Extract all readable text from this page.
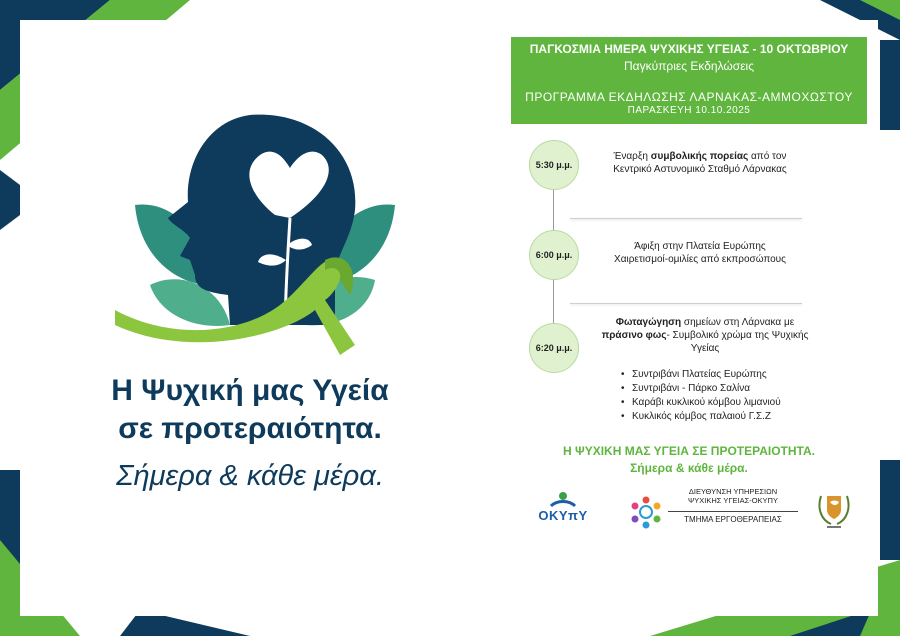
Η Ψυχική μας Υγεία
σε προτεραιότητα.
Σήμερα & κάθε μέρα.
ΠΑΓΚΟΣΜΙΑ ΗΜΕΡΑ ΨΥΧΙΚΗΣ ΥΓΕΙΑΣ - 10 ΟΚΤΩΒΡΙΟΥ
Παγκύπριες Εκδηλώσεις
ΠΡΟΓΡΑΜΜΑ ΕΚΔΗΛΩΣΗΣ ΛΑΡΝΑΚΑΣ-ΑΜΜΟΧΩΣΤΟΥ
ΠΑΡΑΣΚΕΥΗ 10.10.2025
5:30 μ.μ.
Έναρξη συμβολικής πορείας από τον
Κεντρικό Αστυνομικό Σταθμό Λάρνακας
6:00 μ.μ.
Άφιξη στην Πλατεία Ευρώπης
Χαιρετισμοί-ομιλίες από εκπροσώπους
6:20 μ.μ.
Φωταγώγηση σημείων στη Λάρνακα με
πράσινο φως- Συμβολικό χρώμα της Ψυχικής
Υγείας
• Συντριβάνι Πλατείας Ευρώπης
• Συντριβάνι - Πάρκο Σαλίνα
• Καράβι κυκλικού κόμβου λιμανιού
• Κυκλικός κόμβος παλαιού Γ.Σ.Ζ
Η ΨΥΧΙΚΗ ΜΑΣ ΥΓΕΙΑ ΣΕ ΠΡΟΤΕΡΑΙΟΤΗΤΑ.
Σήμερα & κάθε μέρα.
ΟΚΥπΥ
ΔΙΕΥΘΥΝΣΗ ΥΠΗΡΕΣΙΩΝ
ΨΥΧΙΚΗΣ ΥΓΕΙΑΣ-ΟΚΥΠΥ
ΤΜΗΜΑ ΕΡΓΟΘΕΡΑΠΕΙΑΣ
